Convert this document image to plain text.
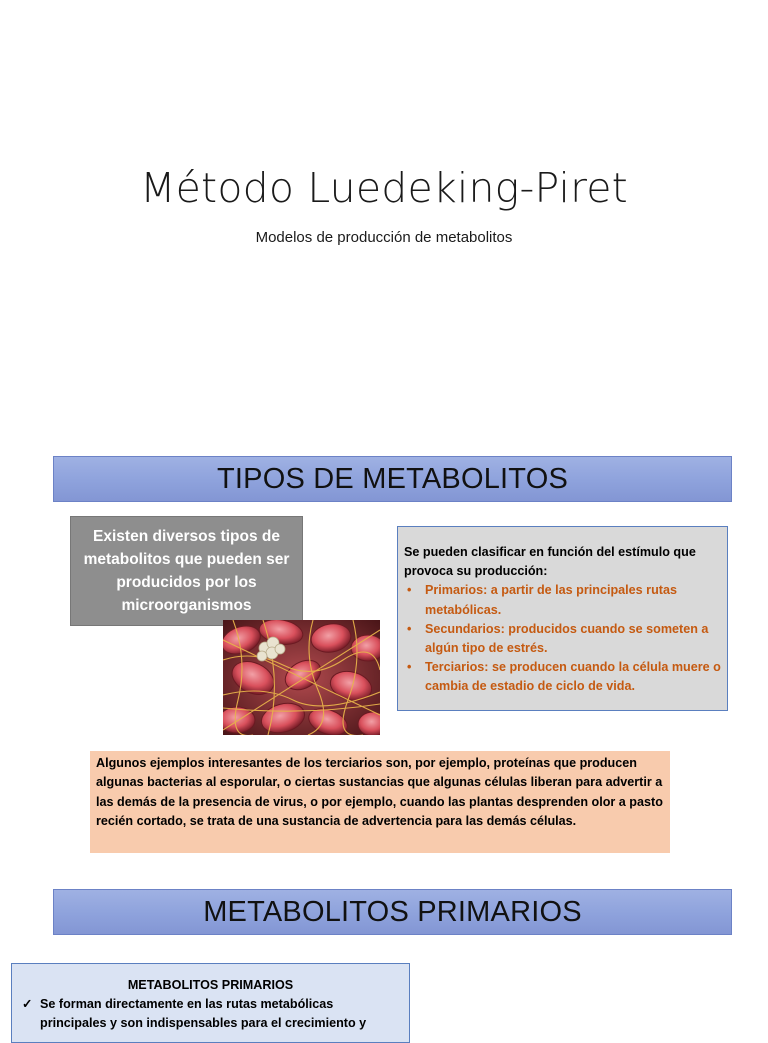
Método Luedeking-Piret
Modelos de producción de metabolitos
TIPOS DE METABOLITOS
Existen diversos tipos de metabolitos que pueden ser producidos por los microorganismos
Se pueden clasificar en función del estímulo que provoca su producción:
• Primarios: a partir de las principales rutas metabólicas.
• Secundarios: producidos cuando se someten a algún tipo de estrés.
• Terciarios: se producen cuando la célula muere o cambia de estadio de ciclo de vida.
Algunos ejemplos interesantes de los terciarios son, por ejemplo, proteínas que producen algunas bacterias al esporular, o ciertas sustancias que algunas células liberan para advertir a las demás de la presencia de virus, o por ejemplo, cuando las plantas desprenden olor a pasto recién cortado, se trata de una sustancia de advertencia para las demás células.
METABOLITOS PRIMARIOS
METABOLITOS PRIMARIOS
✓ Se forman directamente en las rutas metabólicas principales y son indispensables para el crecimiento y
